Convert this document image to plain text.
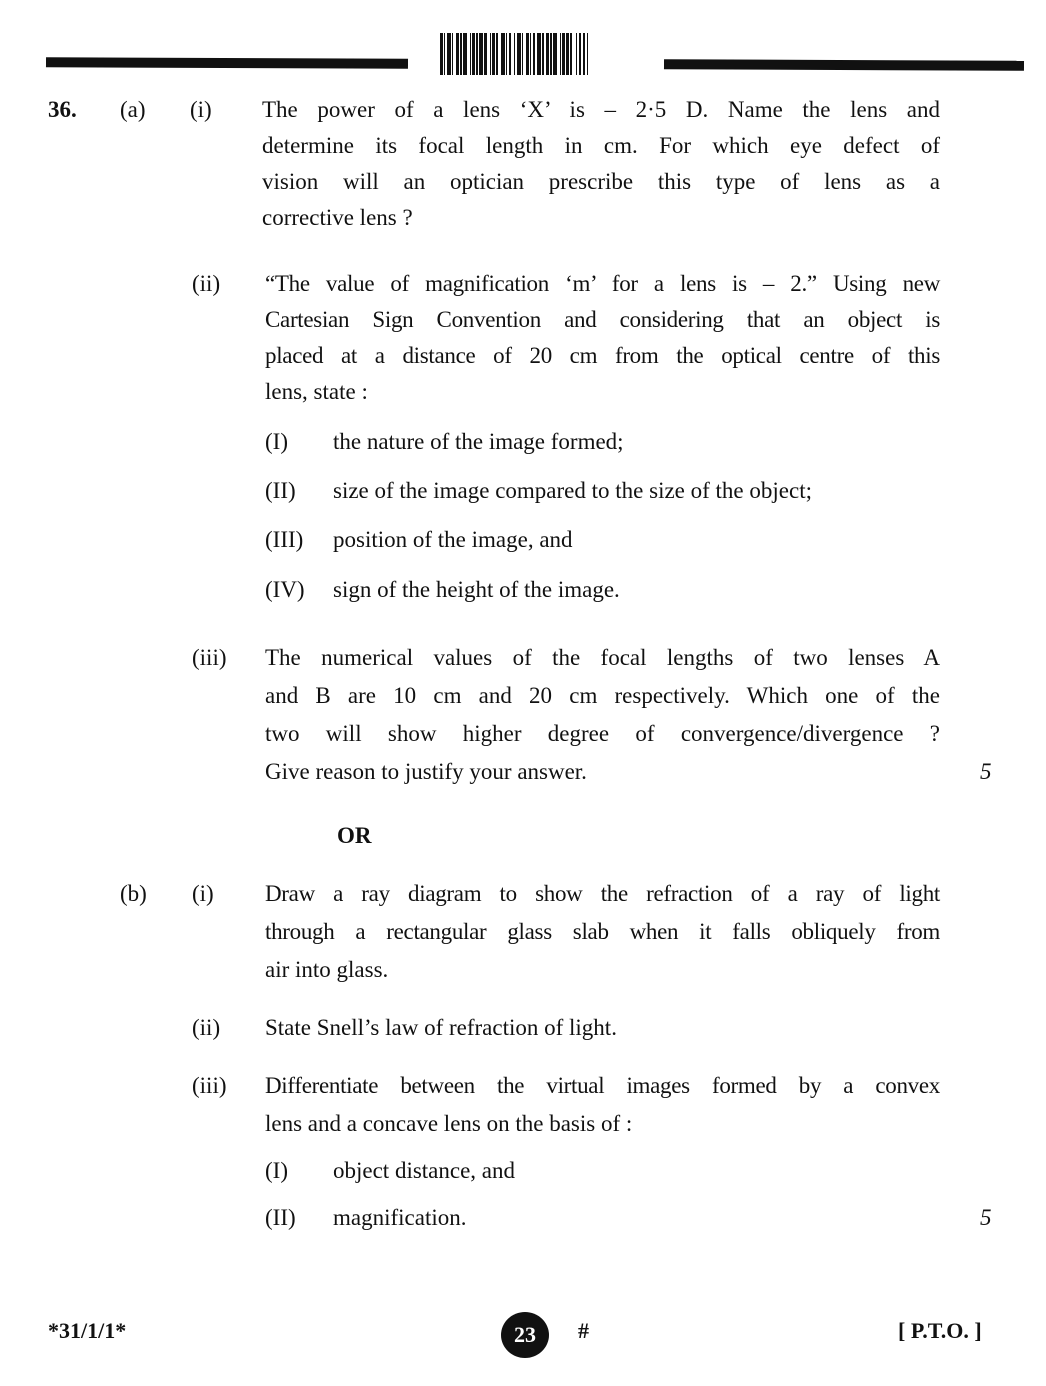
36. (a) (i) The power of a lens ‘X’ is – 2·5 D. Name the lens and
determine its focal length in cm. For which eye defect of
vision will an optician prescribe this type of lens as a
corrective lens ?
(ii) “The value of magnification ‘m’ for a lens is – 2.” Using new
Cartesian Sign Convention and considering that an object is
placed at a distance of 20 cm from the optical centre of this
lens, state :
(I) the nature of the image formed;
(II) size of the image compared to the size of the object;
(III) position of the image, and
(IV) sign of the height of the image.
(iii) The numerical values of the focal lengths of two lenses A
and B are 10 cm and 20 cm respectively. Which one of the
two will show higher degree of convergence/divergence ?
Give reason to justify your answer.	5
OR
(b) (i) Draw a ray diagram to show the refraction of a ray of light
through a rectangular glass slab when it falls obliquely from
air into glass.
(ii) State Snell’s law of refraction of light.
(iii) Differentiate between the virtual images formed by a convex
lens and a concave lens on the basis of :
(I) object distance, and
(II) magnification.	5
*31/1/1*	23 #	[ P.T.O. ]
